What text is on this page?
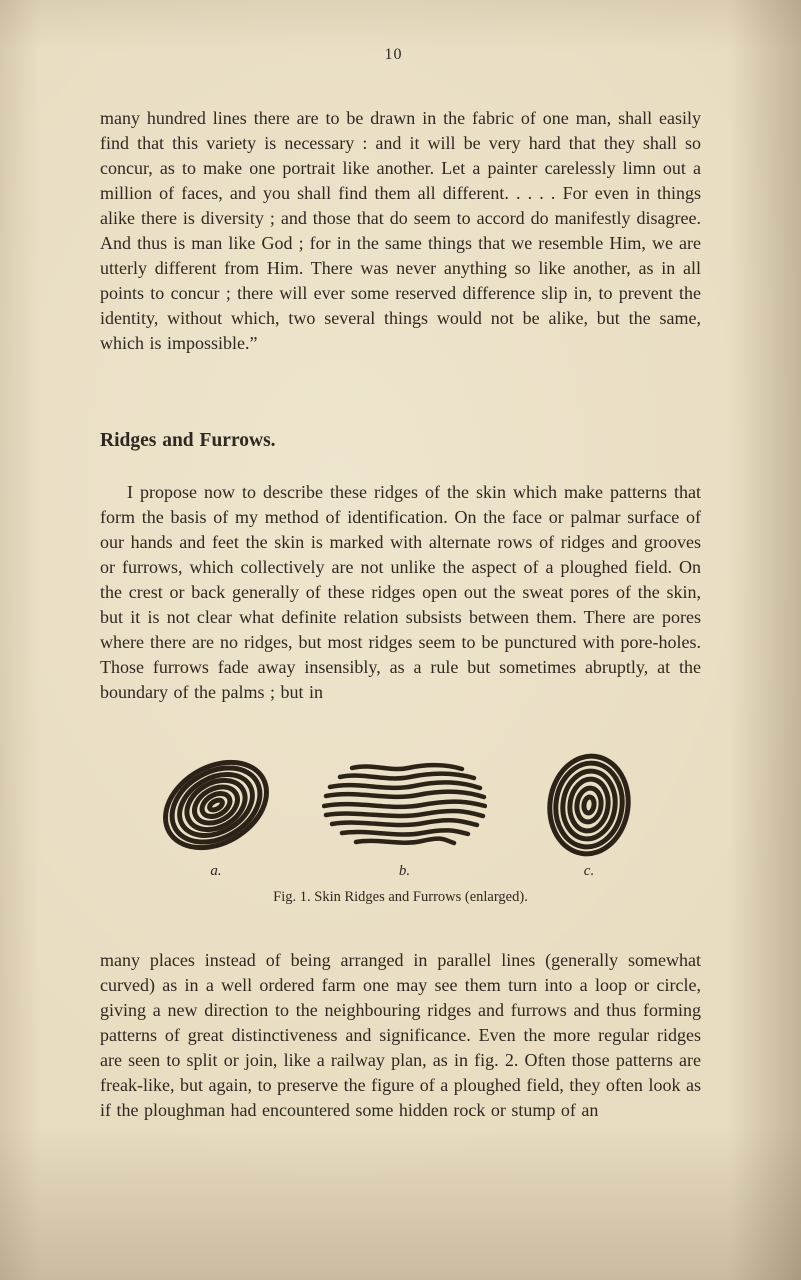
10

many hundred lines there are to be drawn in the fabric of one man, shall easily find that this variety is necessary : and it will be very hard that they shall so concur, as to make one portrait like another. Let a painter carelessly limn out a million of faces, and you shall find them all different. . . . . For even in things alike there is diversity ; and those that do seem to accord do manifestly disagree. And thus is man like God ; for in the same things that we resemble Him, we are utterly different from Him. There was never anything so like another, as in all points to concur ; there will ever some reserved difference slip in, to prevent the identity, without which, two several things would not be alike, but the same, which is impossible.”

Ridges and Furrows.

I propose now to describe these ridges of the skin which make patterns that form the basis of my method of identification. On the face or palmar surface of our hands and feet the skin is marked with alternate rows of ridges and grooves or furrows, which collectively are not unlike the aspect of a ploughed field. On the crest or back generally of these ridges open out the sweat pores of the skin, but it is not clear what definite relation subsists between them. There are pores where there are no ridges, but most ridges seem to be punctured with pore-holes. Those furrows fade away insensibly, as a rule but sometimes abruptly, at the boundary of the palms ; but in

a.	b.	c.
Fig. 1. Skin Ridges and Furrows (enlarged).

many places instead of being arranged in parallel lines (generally somewhat curved) as in a well ordered farm one may see them turn into a loop or circle, giving a new direction to the neighbouring ridges and furrows and thus forming patterns of great distinctiveness and significance. Even the more regular ridges are seen to split or join, like a railway plan, as in fig. 2. Often those patterns are freak-like, but again, to preserve the figure of a ploughed field, they often look as if the ploughman had encountered some hidden rock or stump of an
